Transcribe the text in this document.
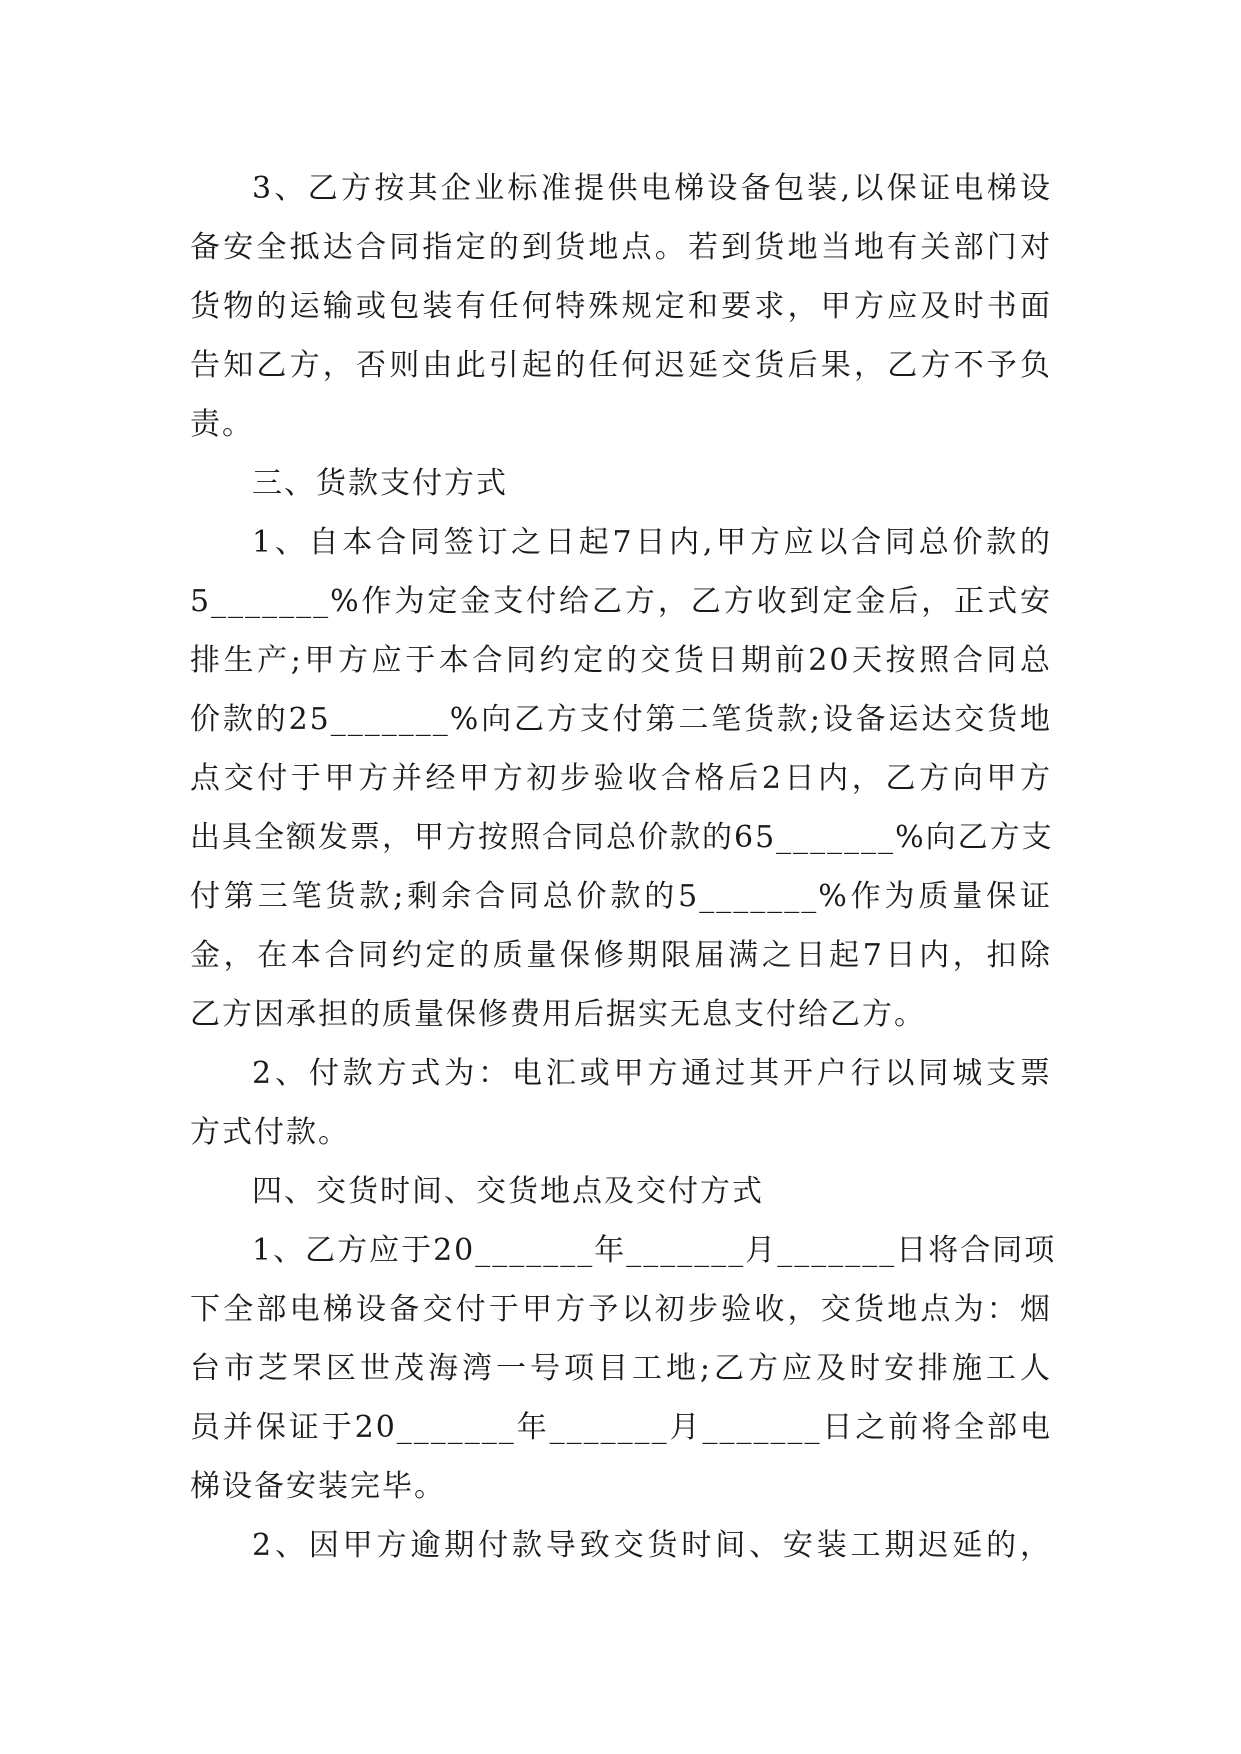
3、乙方按其企业标准提供电梯设备包装,以保证电梯设
备安全抵达合同指定的到货地点。若到货地当地有关部门对
货物的运输或包装有任何特殊规定和要求，甲方应及时书面
告知乙方，否则由此引起的任何迟延交货后果，乙方不予负
责。
三、货款支付方式
1、自本合同签订之日起7日内,甲方应以合同总价款的
5_______%作为定金支付给乙方，乙方收到定金后，正式安
排生产;甲方应于本合同约定的交货日期前20天按照合同总
价款的25_______%向乙方支付第二笔货款;设备运达交货地
点交付于甲方并经甲方初步验收合格后2日内，乙方向甲方
出具全额发票，甲方按照合同总价款的65_______%向乙方支
付第三笔货款;剩余合同总价款的5_______%作为质量保证
金，在本合同约定的质量保修期限届满之日起7日内，扣除
乙方因承担的质量保修费用后据实无息支付给乙方。
2、付款方式为：电汇或甲方通过其开户行以同城支票
方式付款。
四、交货时间、交货地点及交付方式
1、乙方应于20_______年_______月_______日将合同项
下全部电梯设备交付于甲方予以初步验收，交货地点为：烟
台市芝罘区世茂海湾一号项目工地;乙方应及时安排施工人
员并保证于20_______年_______月_______日之前将全部电
梯设备安装完毕。
2、因甲方逾期付款导致交货时间、安装工期迟延的，
